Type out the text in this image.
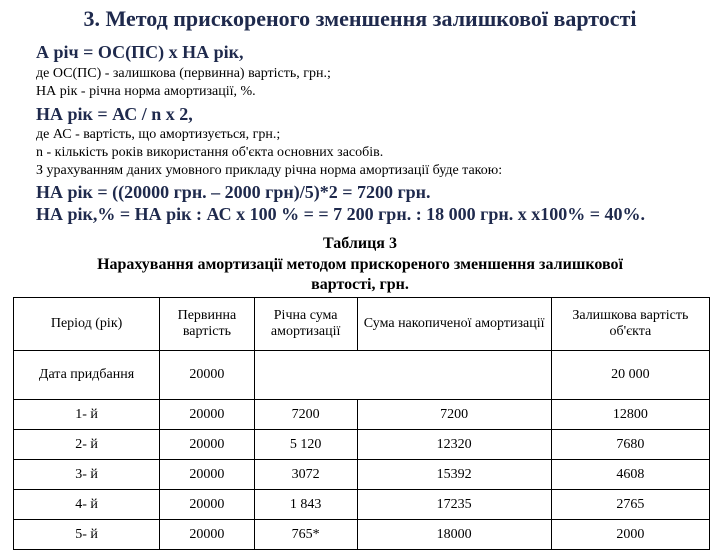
3. Метод прискореного зменшення залишкової вартості
А річ = ОС(ПС) х НА рік,
де ОС(ПС) - залишкова (первинна) вартість, грн.;
НА рік - річна норма амортизації, %.
НА рік = АС / n x 2,
де АС - вартість, що амортизується, грн.;
n - кількість років використання об'єкта основних засобів.
З урахуванням даних умовного прикладу річна норма амортизації буде такою:
НА рік = ((20000 грн. – 2000 грн)/5)*2 = 7200 грн.
НА рік,% = НА рік : АС х 100 % = = 7 200 грн. : 18 000 грн. х х100% = 40%.
Таблиця 3
Нарахування амортизації методом прискореного зменшення залишкової
вартості, грн.
Період (рік)	Первинна вартість	Річна сума амортизації	Сума накопиченої амортизації	Залишкова вартість об'єкта
Дата придбання	20000			20 000
1- й	20000	7200	7200	12800
2- й	20000	5 120	12320	7680
3- й	20000	3072	15392	4608
4- й	20000	1 843	17235	2765
5- й	20000	765*	18000	2000
